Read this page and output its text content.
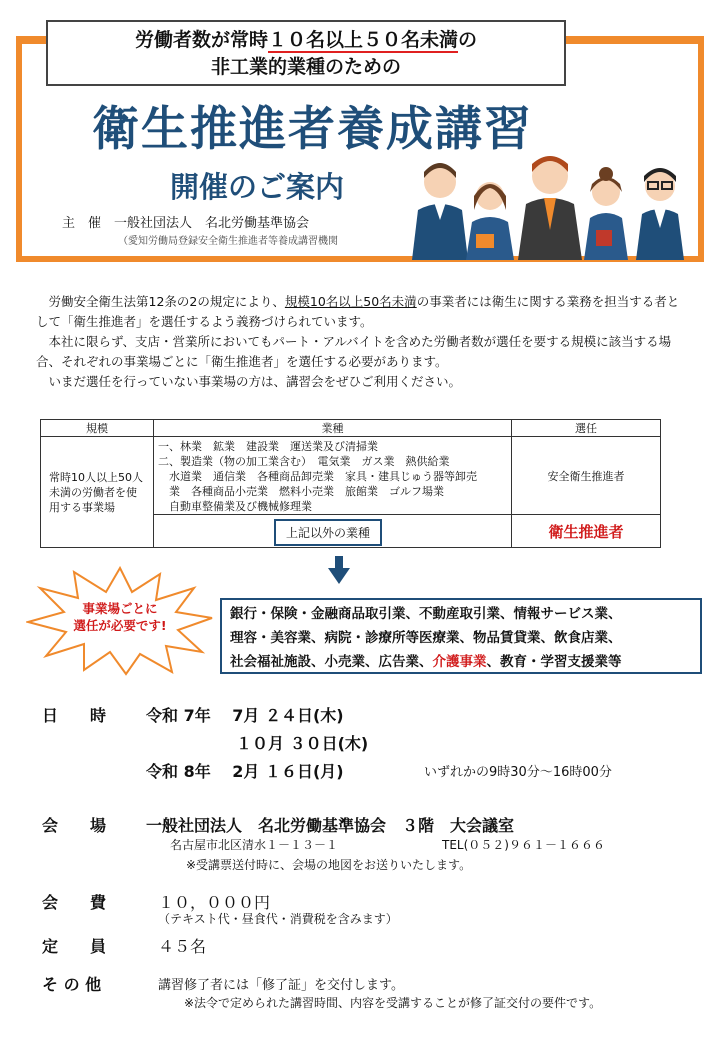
労働者数が常時１０名以上５０名未満の
非工業的業種のための
衛生推進者養成講習
開催のご案内
主　催　一般社団法人　名北労働基準協会
（愛知労働局登録安全衛生推進者等養成講習機関

労働安全衛生法第12条の2の規定により、規模10名以上50名未満の事業者には衛生に関する業務を担当する者として「衛生推進者」を選任するよう義務づけられています。

本社に限らず、支店・営業所においてもパート・アルバイトを含めた労働者数が選任を要する規模に該当する場合、それぞれの事業場ごとに「衛生推進者」を選任する必要があります。

いまだ選任を行っていない事業場の方は、講習会をぜひご利用ください。

規模	業種	選任
常時10人以上50人未満の労働者を使用する事業場	一、林業　鉱業　建設業　運送業及び清掃業
二、製造業（物の加工業含む）　電気業　ガス業　熱供給業
　水道業　通信業　各種商品卸売業　家具・建具じゅう器等卸売
　業　各種商品小売業　燃料小売業　旅館業　ゴルフ場業
　自動車整備業及び機械修理業	安全衛生推進者
	上記以外の業種	衛生推進者
事業場ごとに
選任が必要です!
銀行・保険・金融商品取引業、不動産取引業、情報サービス業、
理容・美容業、病院・診療所等医療業、物品賃貸業、飲食店業、
社会福祉施設、小売業、広告業、介護事業、教育・学習支援業等
日　　時 令和 7年　 7月 ２４日(木)
１０月 ３０日(木)
令和 8年　 2月 １６日(月)	いずれかの9時30分～16時00分
会　　場 一般社団法人　名北労働基準協会　３階　大会議室
名古屋市北区清水１－１３－１	TEL(０５２)９６１－１６６６
※受講票送付時に、会場の地図をお送りいたします。
会　　費	１０，０００円
（テキスト代・昼食代・消費税を含みます）
定　　員	４５名
そ の 他	講習修了者には「修了証」を交付します。
※法令で定められた講習時間、内容を受講することが修了証交付の要件です。
